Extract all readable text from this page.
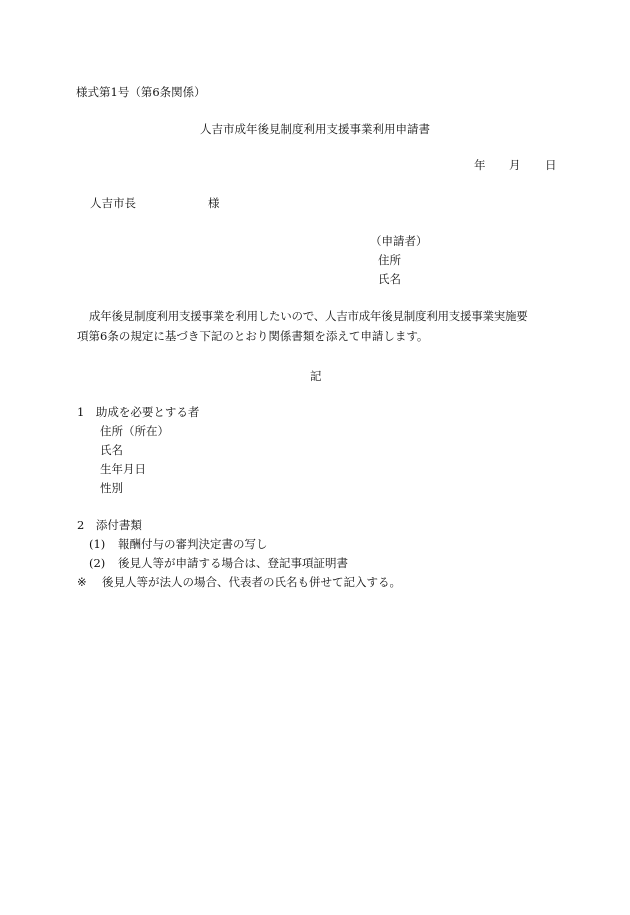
様式第1号（第6条関係）
人吉市成年後見制度利用支援事業利用申請書
年 月 日
人吉市長	様
（申請者）
住所
氏名

成年後見制度利用支援事業を利用したいので、人吉市成年後見制度利用支援事業実施要

項第6条の規定に基づき下記のとおり関係書類を添えて申請します。

記
1　助成を必要とする者
住所（所在）
氏名
生年月日
性別
2　添付書類
(1) 報酬付与の審判決定書の写し
(2) 後見人等が申請する場合は、登記事項証明書
※ 後見人等が法人の場合、代表者の氏名も併せて記入する。
